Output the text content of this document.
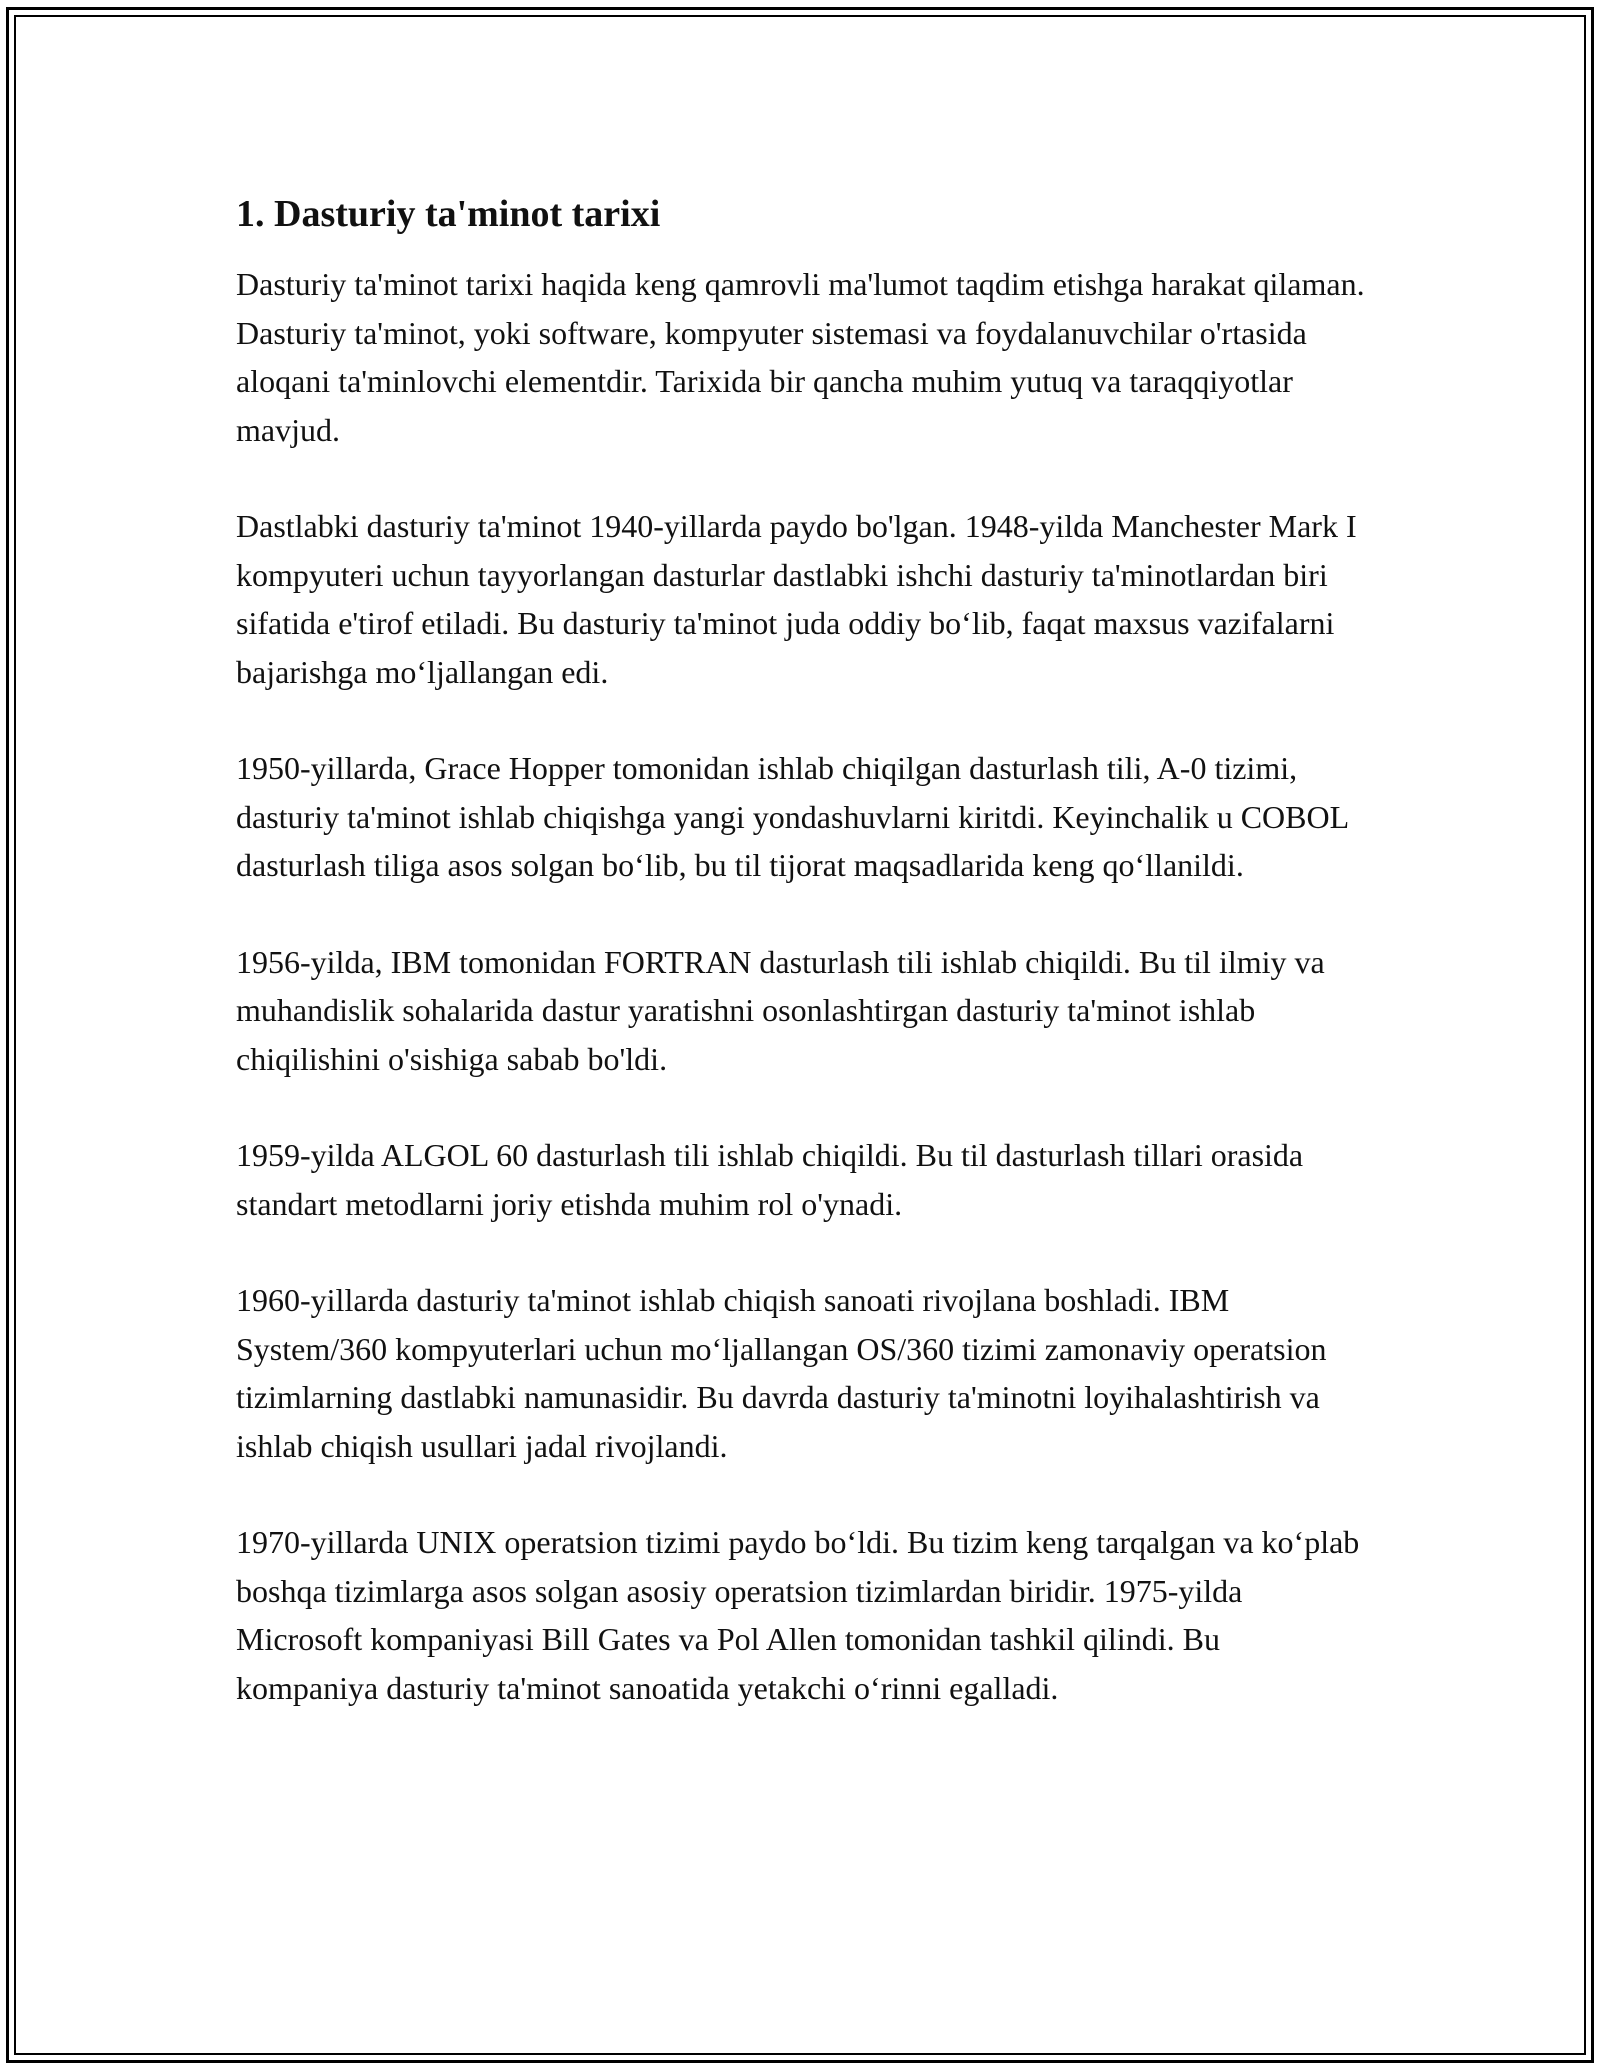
1. Dasturiy ta'minot tarixi

Dasturiy ta'minot tarixi haqida keng qamrovli ma'lumot taqdim etishga harakat qilaman. Dasturiy ta'minot, yoki software, kompyuter sistemasi va foydalanuvchilar o'rtasida aloqani ta'minlovchi elementdir. Tarixida bir qancha muhim yutuq va taraqqiyotlar mavjud.

Dastlabki dasturiy ta'minot 1940-yillarda paydo bo'lgan. 1948-yilda Manchester Mark I kompyuteri uchun tayyorlangan dasturlar dastlabki ishchi dasturiy ta'minotlardan biri sifatida e'tirof etiladi. Bu dasturiy ta'minot juda oddiy bo‘lib, faqat maxsus vazifalarni bajarishga mo‘ljallangan edi.

1950-yillarda, Grace Hopper tomonidan ishlab chiqilgan dasturlash tili, A-0 tizimi, dasturiy ta'minot ishlab chiqishga yangi yondashuvlarni kiritdi. Keyinchalik u COBOL dasturlash tiliga asos solgan bo‘lib, bu til tijorat maqsadlarida keng qo‘llanildi.

1956-yilda, IBM tomonidan FORTRAN dasturlash tili ishlab chiqildi. Bu til ilmiy va muhandislik sohalarida dastur yaratishni osonlashtirgan dasturiy ta'minot ishlab chiqilishini o'sishiga sabab bo'ldi.

1959-yilda ALGOL 60 dasturlash tili ishlab chiqildi. Bu til dasturlash tillari orasida standart metodlarni joriy etishda muhim rol o'ynadi.

1960-yillarda dasturiy ta'minot ishlab chiqish sanoati rivojlana boshladi. IBM System/360 kompyuterlari uchun mo‘ljallangan OS/360 tizimi zamonaviy operatsion tizimlarning dastlabki namunasidir. Bu davrda dasturiy ta'minotni loyihalashtirish va ishlab chiqish usullari jadal rivojlandi.

1970-yillarda UNIX operatsion tizimi paydo bo‘ldi. Bu tizim keng tarqalgan va ko‘plab boshqa tizimlarga asos solgan asosiy operatsion tizimlardan biridir. 1975-yilda Microsoft kompaniyasi Bill Gates va Pol Allen tomonidan tashkil qilindi. Bu kompaniya dasturiy ta'minot sanoatida yetakchi o‘rinni egalladi.
